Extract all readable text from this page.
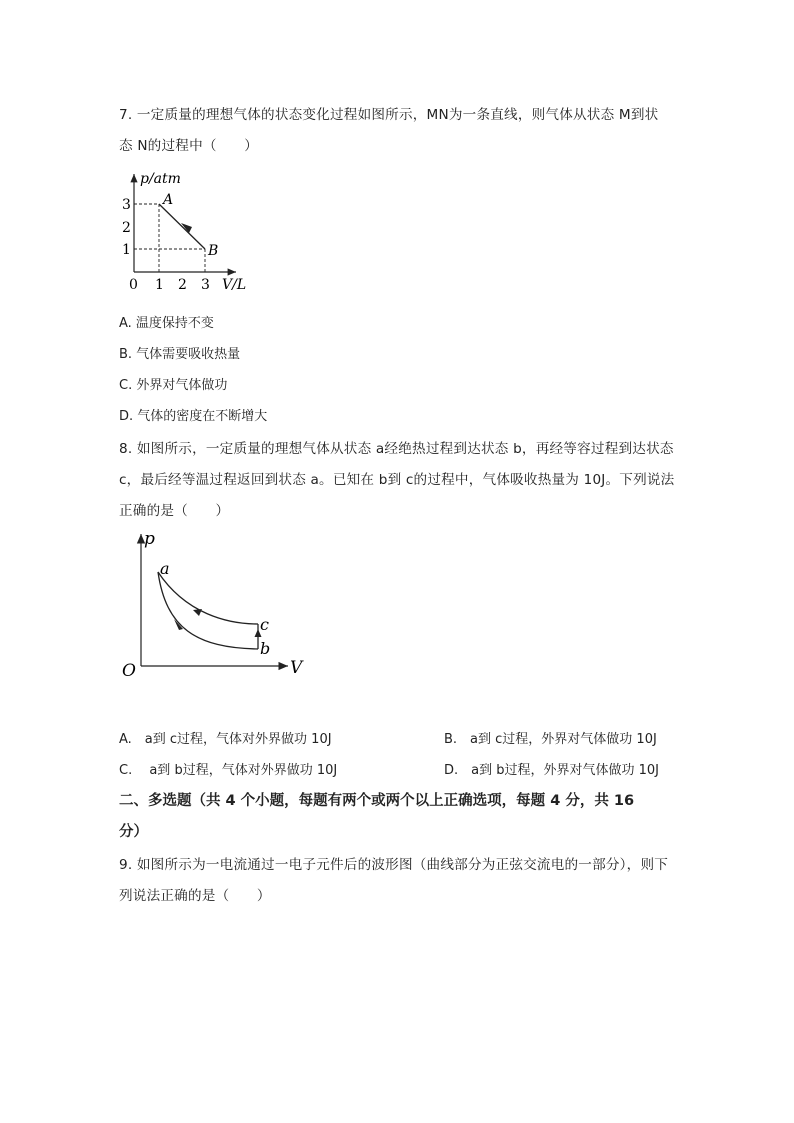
7. 一定质量的理想气体的状态变化过程如图所示，MN为一条直线，则气体从状态 M到状
态 N的过程中（　　）
p/atm
V/L
0 1 2 3
3
2
1
A
B
A. 温度保持不变
B. 气体需要吸收热量
C. 外界对气体做功
D. 气体的密度在不断增大
8. 如图所示，一定质量的理想气体从状态 a经绝热过程到达状态 b，再经等容过程到达状态
c，最后经等温过程返回到状态 a。已知在 b到 c的过程中，气体吸收热量为 10J。下列说法
正确的是（　　）
p
V
O
a
c
b
A.　a到 c过程，气体对外界做功 10J	B.　a到 c过程，外界对气体做功 10J
C.　 a到 b过程，气体对外界做功 10J	D.　a到 b过程，外界对气体做功 10J
二、多选题（共 4 个小题，每题有两个或两个以上正确选项，每题 4 分，共 16
分）
9. 如图所示为一电流通过一电子元件后的波形图（曲线部分为正弦交流电的一部分），则下
列说法正确的是（　　）
